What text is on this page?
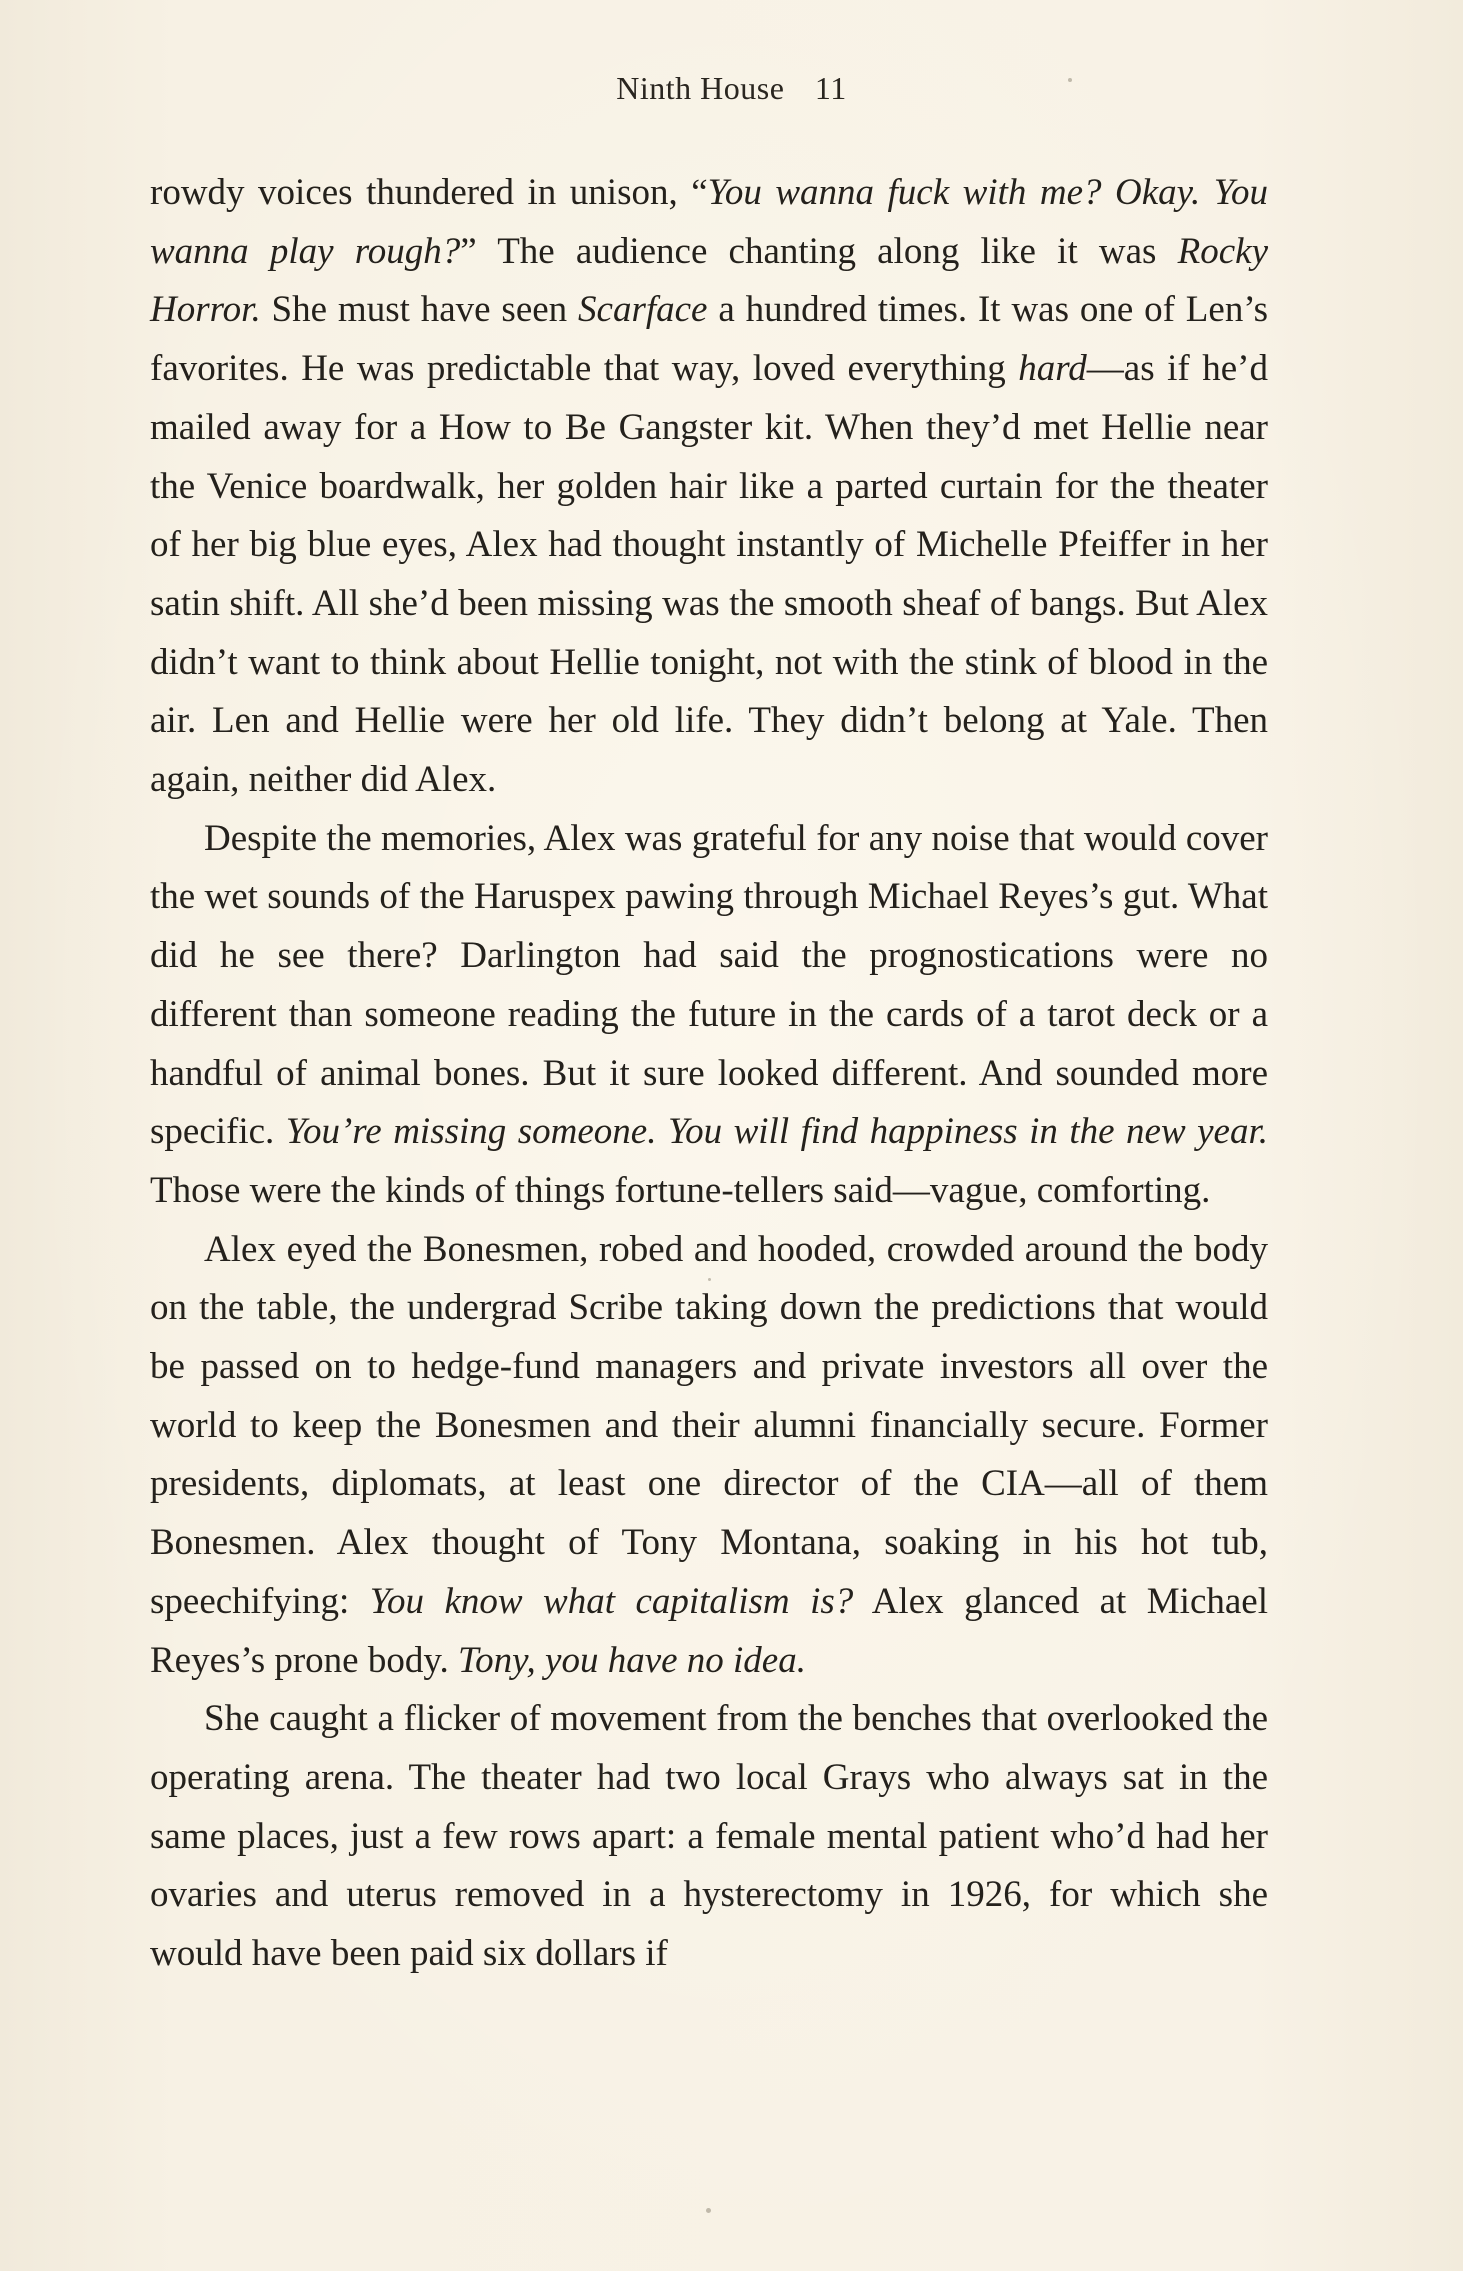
Ninth House 11

rowdy voices thundered in unison, “You wanna fuck with me? Okay. You wanna play rough?” The audience chanting along like it was Rocky Horror. She must have seen Scarface a hundred times. It was one of Len’s favorites. He was predictable that way, loved everything hard—as if he’d mailed away for a How to Be Gangster kit. When they’d met Hellie near the Venice boardwalk, her golden hair like a parted curtain for the theater of her big blue eyes, Alex had thought instantly of Michelle Pfeiffer in her satin shift. All she’d been missing was the smooth sheaf of bangs. But Alex didn’t want to think about Hellie tonight, not with the stink of blood in the air. Len and Hellie were her old life. They didn’t belong at Yale. Then again, neither did Alex.

Despite the memories, Alex was grateful for any noise that would cover the wet sounds of the Haruspex pawing through Michael Reyes’s gut. What did he see there? Darlington had said the prognostications were no different than someone reading the future in the cards of a tarot deck or a handful of animal bones. But it sure looked different. And sounded more specific. You’re missing someone. You will find happiness in the new year. Those were the kinds of things fortune-tellers said—vague, comforting.

Alex eyed the Bonesmen, robed and hooded, crowded around the body on the table, the undergrad Scribe taking down the predictions that would be passed on to hedge-fund managers and private investors all over the world to keep the Bonesmen and their alumni financially secure. Former presidents, diplomats, at least one director of the CIA—all of them Bonesmen. Alex thought of Tony Montana, soaking in his hot tub, speechifying: You know what capitalism is? Alex glanced at Michael Reyes’s prone body. Tony, you have no idea.

She caught a flicker of movement from the benches that overlooked the operating arena. The theater had two local Grays who always sat in the same places, just a few rows apart: a female mental patient who’d had her ovaries and uterus removed in a hysterectomy in 1926, for which she would have been paid six dollars if
